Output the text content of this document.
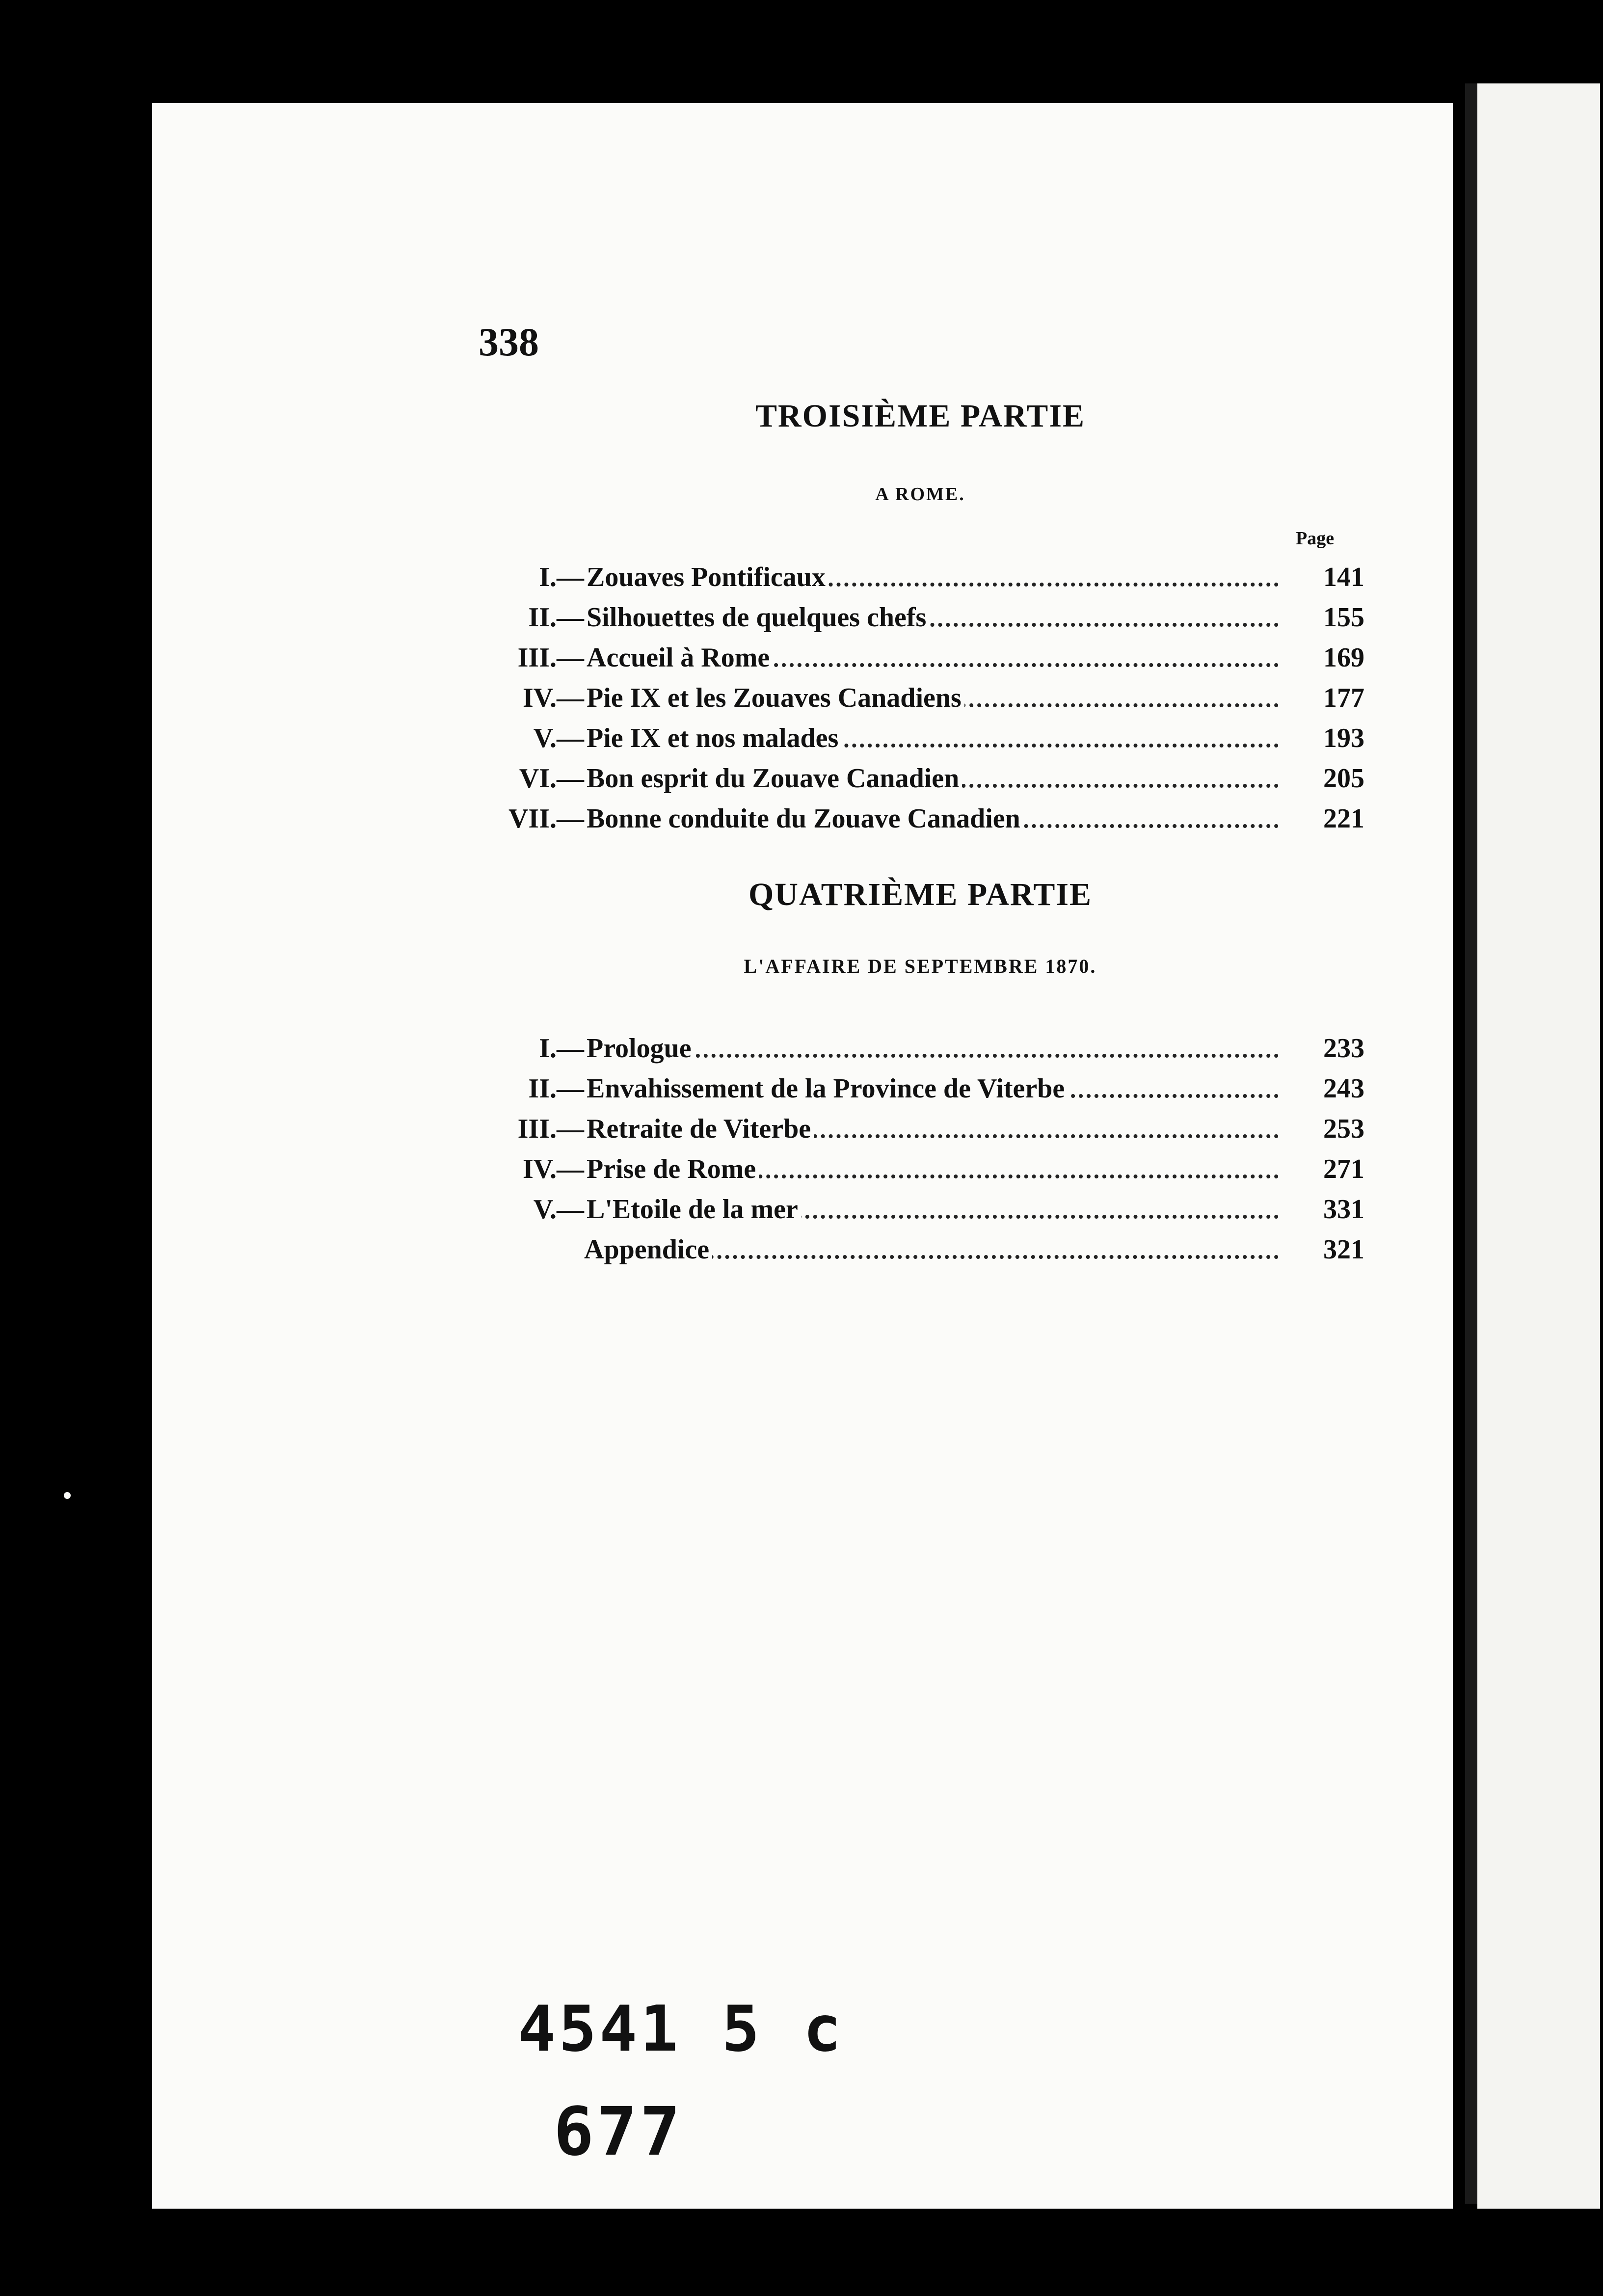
338
TROISIÈME PARTIE
A ROME.
Page
I.— Zouaves Pontificaux	141
II.— Silhouettes de quelques chefs	155
III.— Accueil à Rome	169
IV.— Pie IX et les Zouaves Canadiens	177
V.— Pie IX et nos malades	193
VI.— Bon esprit du Zouave Canadien	205
VII.— Bonne conduite du Zouave Canadien	221
QUATRIÈME PARTIE
L'AFFAIRE DE SEPTEMBRE 1870.
I.— Prologue	233
II.— Envahissement de la Province de Viterbe	243
III.— Retraite de Viterbe	253
IV.— Prise de Rome	271
V.— L'Etoile de la mer	331
Appendice	321
4541 5 c
677
